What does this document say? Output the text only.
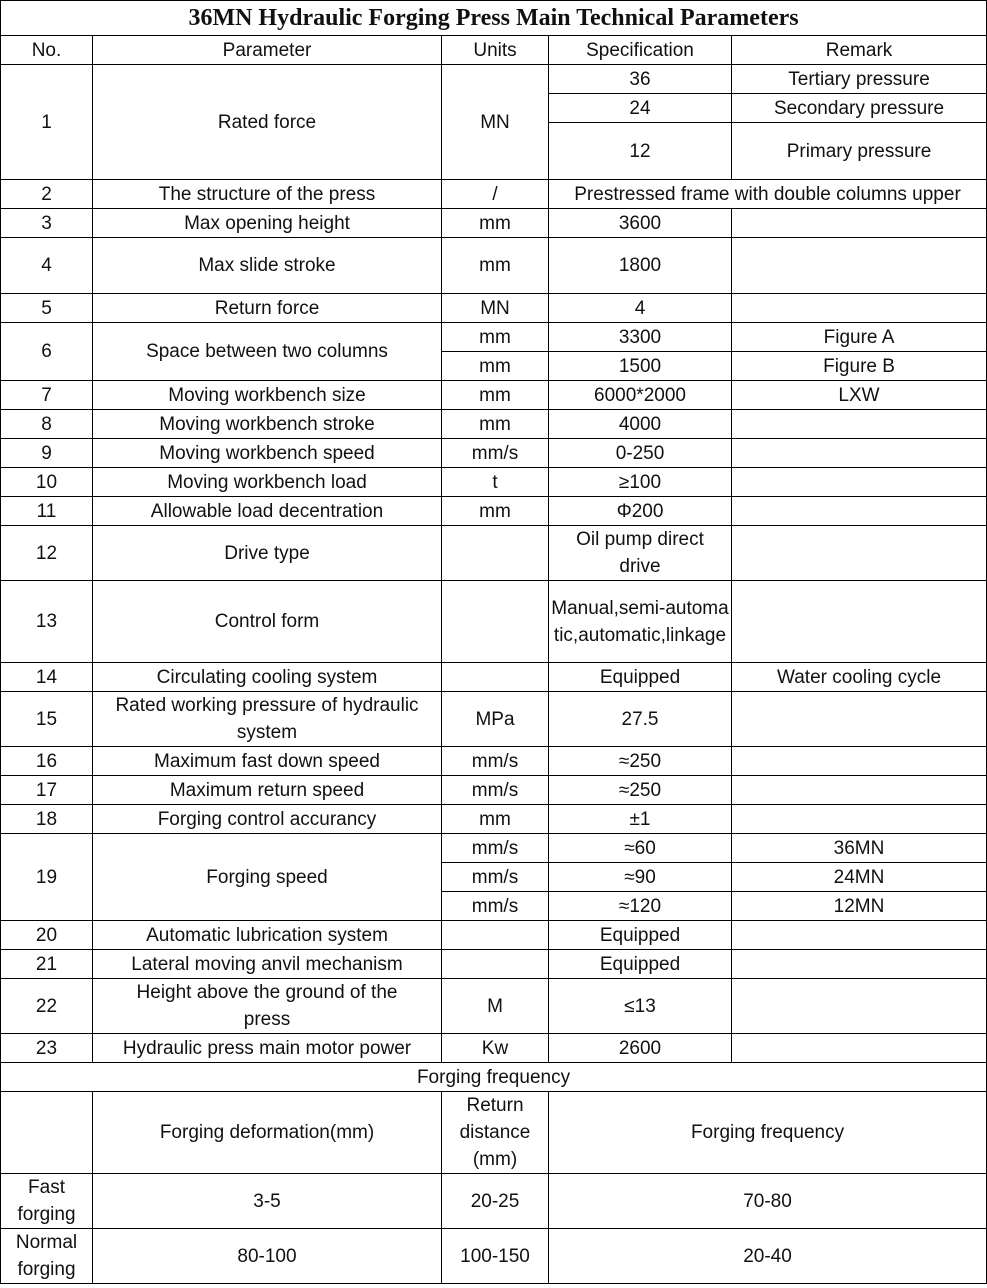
36MN Hydraulic Forging Press Main Technical Parameters				
No.	Parameter	Units	Specification	Remark
1	Rated force	MN	36	Tertiary pressure
			24	Secondary pressure
			12	Primary pressure
2	The structure of the press	/	Prestressed frame with double columns upper	
3	Max opening height	mm	3600	
4	Max slide stroke	mm	1800	
5	Return force	MN	4	
6	Space between two columns	mm	3300	Figure A
		mm	1500	Figure B
7	Moving workbench size	mm	6000*2000	LXW
8	Moving workbench stroke	mm	4000	
9	Moving workbench speed	mm/s	0-250	
10	Moving workbench load	t	≥100	
11	Allowable load decentration	mm	Φ200	
12	Drive type		Oil pump direct drive	
13	Control form		Manual,semi-automatic,automatic,linkage	
14	Circulating cooling system		Equipped	Water cooling cycle
15	Rated working pressure of hydraulic system	MPa	27.5	
16	Maximum fast down speed	mm/s	≈250	
17	Maximum return speed	mm/s	≈250	
18	Forging control accurancy	mm	±1	
19	Forging speed	mm/s	≈60	36MN
		mm/s	≈90	24MN
		mm/s	≈120	12MN
20	Automatic lubrication system		Equipped	
21	Lateral moving anvil mechanism		Equipped	
22	Height above the ground of the press	M	≤13	
23	Hydraulic press main motor power	Kw	2600	
Forging frequency				
	Forging deformation(mm)	Return distance (mm)	Forging frequency	
Fast forging	3-5	20-25	70-80	
Normal forging	80-100	100-150	20-40	
